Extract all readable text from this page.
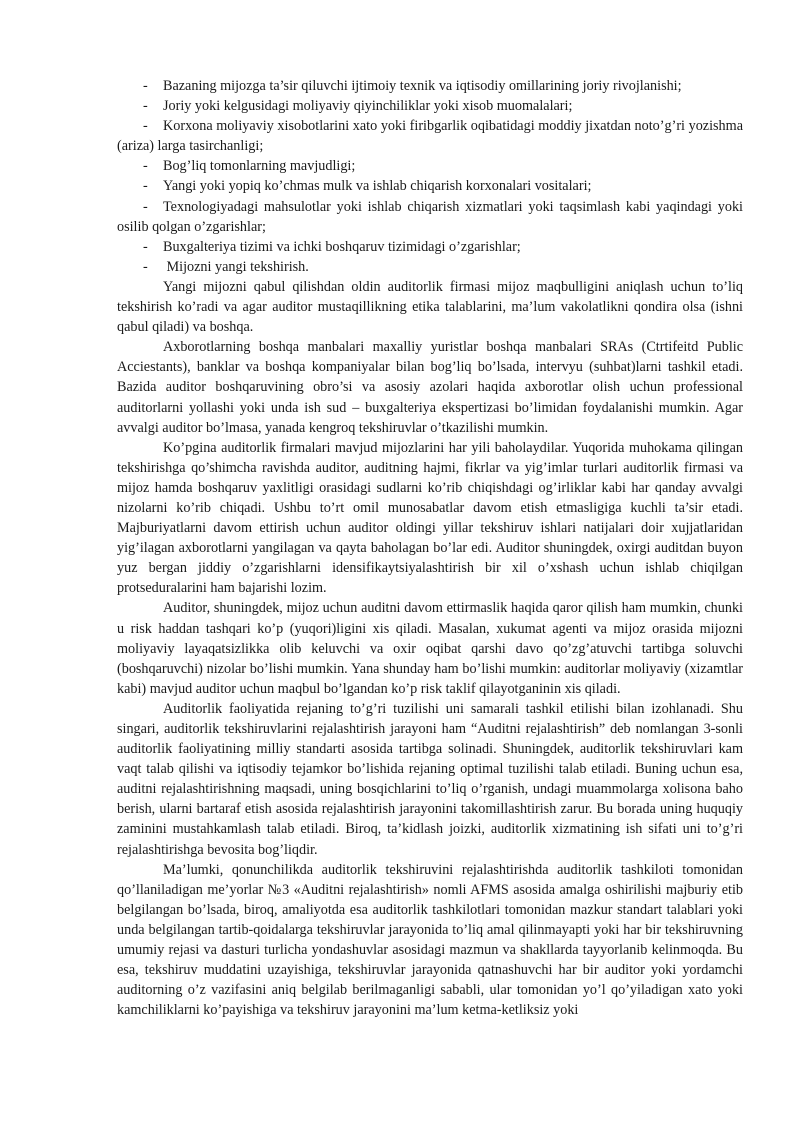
- Bazaning mijozga ta’sir qiluvchi ijtimoiy texnik va iqtisodiy omillarining joriy rivojlanishi;

- Joriy yoki kelgusidagi moliyaviy qiyinchiliklar yoki xisob muomalalari;

- Korxona moliyaviy xisobotlarini xato yoki firibgarlik oqibatidagi moddiy jixatdan noto’g’ri yozishma (ariza) larga tasirchanligi;

- Bog’liq tomonlarning mavjudligi;

- Yangi yoki yopiq ko’chmas mulk va ishlab chiqarish korxonalari vositalari;

- Texnologiyadagi mahsulotlar yoki ishlab chiqarish xizmatlari yoki taqsimlash kabi yaqindagi yoki osilib qolgan o’zgarishlar;

- Buxgalteriya tizimi va ichki boshqaruv tizimidagi o’zgarishlar;

- Mijozni yangi tekshirish.

Yangi mijozni qabul qilishdan oldin auditorlik firmasi mijoz maqbulligini aniqlash uchun to’liq tekshirish ko’radi va agar auditor mustaqillikning etika talablarini, ma’lum vakolatlikni qondira olsa (ishni qabul qiladi) va boshqa.

Axborotlarning boshqa manbalari maxalliy yuristlar boshqa manbalari SRAs (Ctrtifeitd Public Acciestants), banklar va boshqa kompaniyalar bilan bog’liq bo’lsada, intervyu (suhbat)larni tashkil etadi. Bazida auditor boshqaruvining obro’si va asosiy azolari haqida axborotlar olish uchun professional auditorlarni yollashi yoki unda ish sud – buxgalteriya ekspertizasi bo’limidan foydalanishi mumkin. Agar avvalgi auditor bo’lmasa, yanada kengroq tekshiruvlar o’tkazilishi mumkin.

Ko’pgina auditorlik firmalari mavjud mijozlarini har yili baholaydilar. Yuqorida muhokama qilingan tekshirishga qo’shimcha ravishda auditor, auditning hajmi, fikrlar va yig’imlar turlari auditorlik firmasi va mijoz hamda boshqaruv yaxlitligi orasidagi sudlarni ko’rib chiqishdagi og’irliklar kabi har qanday avvalgi nizolarni ko’rib chiqadi. Ushbu to’rt omil munosabatlar davom etish etmasligiga kuchli ta’sir etadi. Majburiyatlarni davom ettirish uchun auditor oldingi yillar tekshiruv ishlari natijalari doir xujjatlaridan yig’ilagan axborotlarni yangilagan va qayta baholagan bo’lar edi. Auditor shuningdek, oxirgi auditdan buyon yuz bergan jiddiy o’zgarishlarni idensifikaytsiyalashtirish bir xil o’xshash uchun ishlab chiqilgan protseduralarini ham bajarishi lozim.

Auditor, shuningdek, mijoz uchun auditni davom ettirmaslik haqida qaror qilish ham mumkin, chunki u risk haddan tashqari ko’p (yuqori)ligini xis qiladi. Masalan, xukumat agenti va mijoz orasida mijozni moliyaviy layaqatsizlikka olib keluvchi va oxir oqibat qarshi davo qo’zg’atuvchi tartibga soluvchi (boshqaruvchi) nizolar bo’lishi mumkin. Yana shunday ham bo’lishi mumkin: auditorlar moliyaviy (xizamtlar kabi) mavjud auditor uchun maqbul bo’lgandan ko’p risk taklif qilayotganinin xis qiladi.

Auditorlik faoliyatida rejaning to’g’ri tuzilishi uni samarali tashkil etilishi bilan izohlanadi. Shu singari, auditorlik tekshiruvlarini rejalashtirish jarayoni ham “Auditni rejalashtirish” deb nomlangan 3-sonli auditorlik faoliyatining milliy standarti asosida tartibga solinadi. Shuningdek, auditorlik tekshiruvlari kam vaqt talab qilishi va iqtisodiy tejamkor bo’lishida rejaning optimal tuzilishi talab etiladi. Buning uchun esa, auditni rejalashtirishning maqsadi, uning bosqichlarini to’liq o’rganish, undagi muammolarga xolisona baho berish, ularni bartaraf etish asosida rejalashtirish jarayonini takomillashtirish zarur. Bu borada uning huquqiy zaminini mustahkamlash talab etiladi. Biroq, ta’kidlash joizki, auditorlik xizmatining ish sifati uni to’g’ri rejalashtirishga bevosita bog’liqdir.

Ma’lumki, qonunchilikda auditorlik tekshiruvini rejalashtirishda auditorlik tashkiloti tomonidan qo’llaniladigan me’yorlar №3 «Auditni rejalashtirish» nomli AFMS asosida amalga oshirilishi majburiy etib belgilangan bo’lsada, biroq, amaliyotda esa auditorlik tashkilotlari tomonidan mazkur standart talablari yoki unda belgilangan tartib-qoidalarga tekshiruvlar jarayonida to’liq amal qilinmayapti yoki har bir tekshiruvning umumiy rejasi va dasturi turlicha yondashuvlar asosidagi mazmun va shakllarda tayyorlanib kelinmoqda. Bu esa, tekshiruv muddatini uzayishiga, tekshiruvlar jarayonida qatnashuvchi har bir auditor yoki yordamchi auditorning o’z vazifasini aniq belgilab berilmaganligi sababli, ular tomonidan yo’l qo’yiladigan xato yoki kamchiliklarni ko’payishiga va tekshiruv jarayonini ma’lum ketma-ketliksiz yoki
